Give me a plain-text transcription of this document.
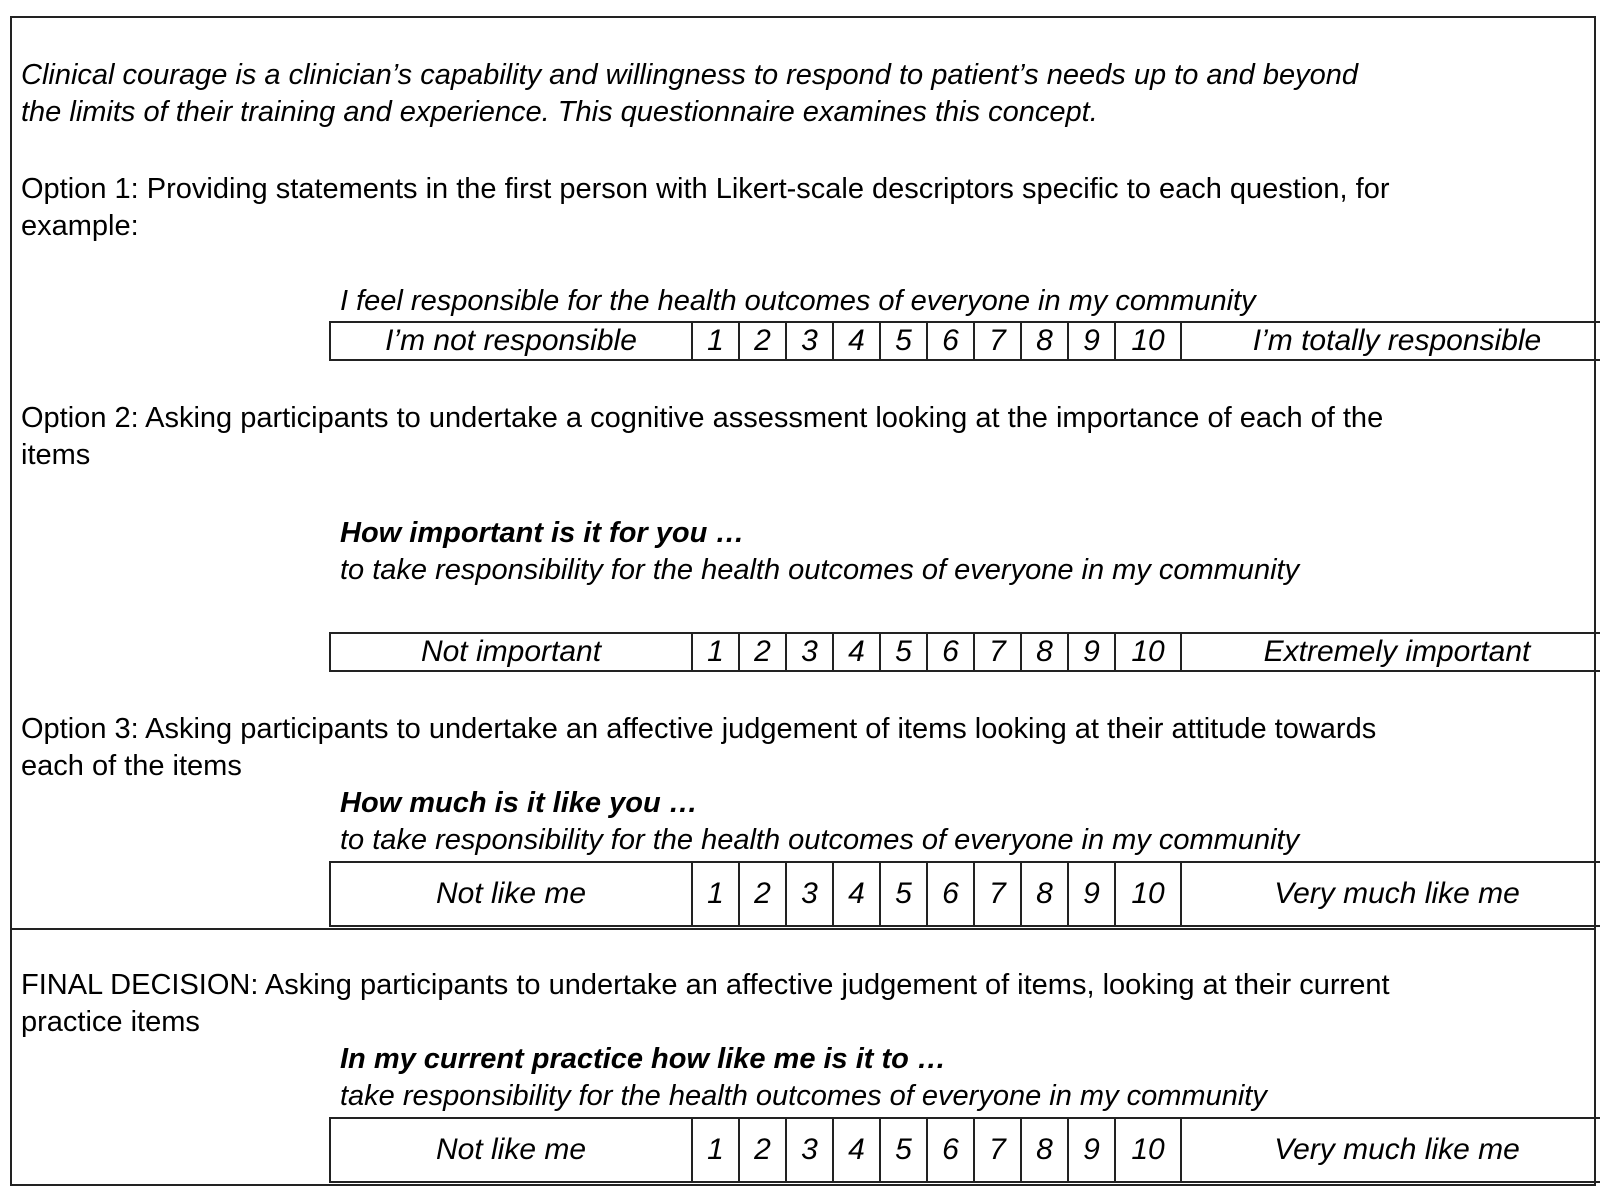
Clinical courage is a clinician’s capability and willingness to respond to patient’s needs up to and beyond
the limits of their training and experience. This questionnaire examines this concept.
Option 1: Providing statements in the first person with Likert-scale descriptors specific to each question, for
example:
I feel responsible for the health outcomes of everyone in my community
I’m not responsible	1	2	3	4	5	6	7	8	9	10	I’m totally responsible
Option 2: Asking participants to undertake a cognitive assessment looking at the importance of each of the
items
How important is it for you …
to take responsibility for the health outcomes of everyone in my community
Not important	1	2	3	4	5	6	7	8	9	10	Extremely important
Option 3: Asking participants to undertake an affective judgement of items looking at their attitude towards
each of the items
How much is it like you …
to take responsibility for the health outcomes of everyone in my community
Not like me	1	2	3	4	5	6	7	8	9	10	Very much like me
FINAL DECISION: Asking participants to undertake an affective judgement of items, looking at their current
practice items
In my current practice how like me is it to …
take responsibility for the health outcomes of everyone in my community
Not like me	1	2	3	4	5	6	7	8	9	10	Very much like me
